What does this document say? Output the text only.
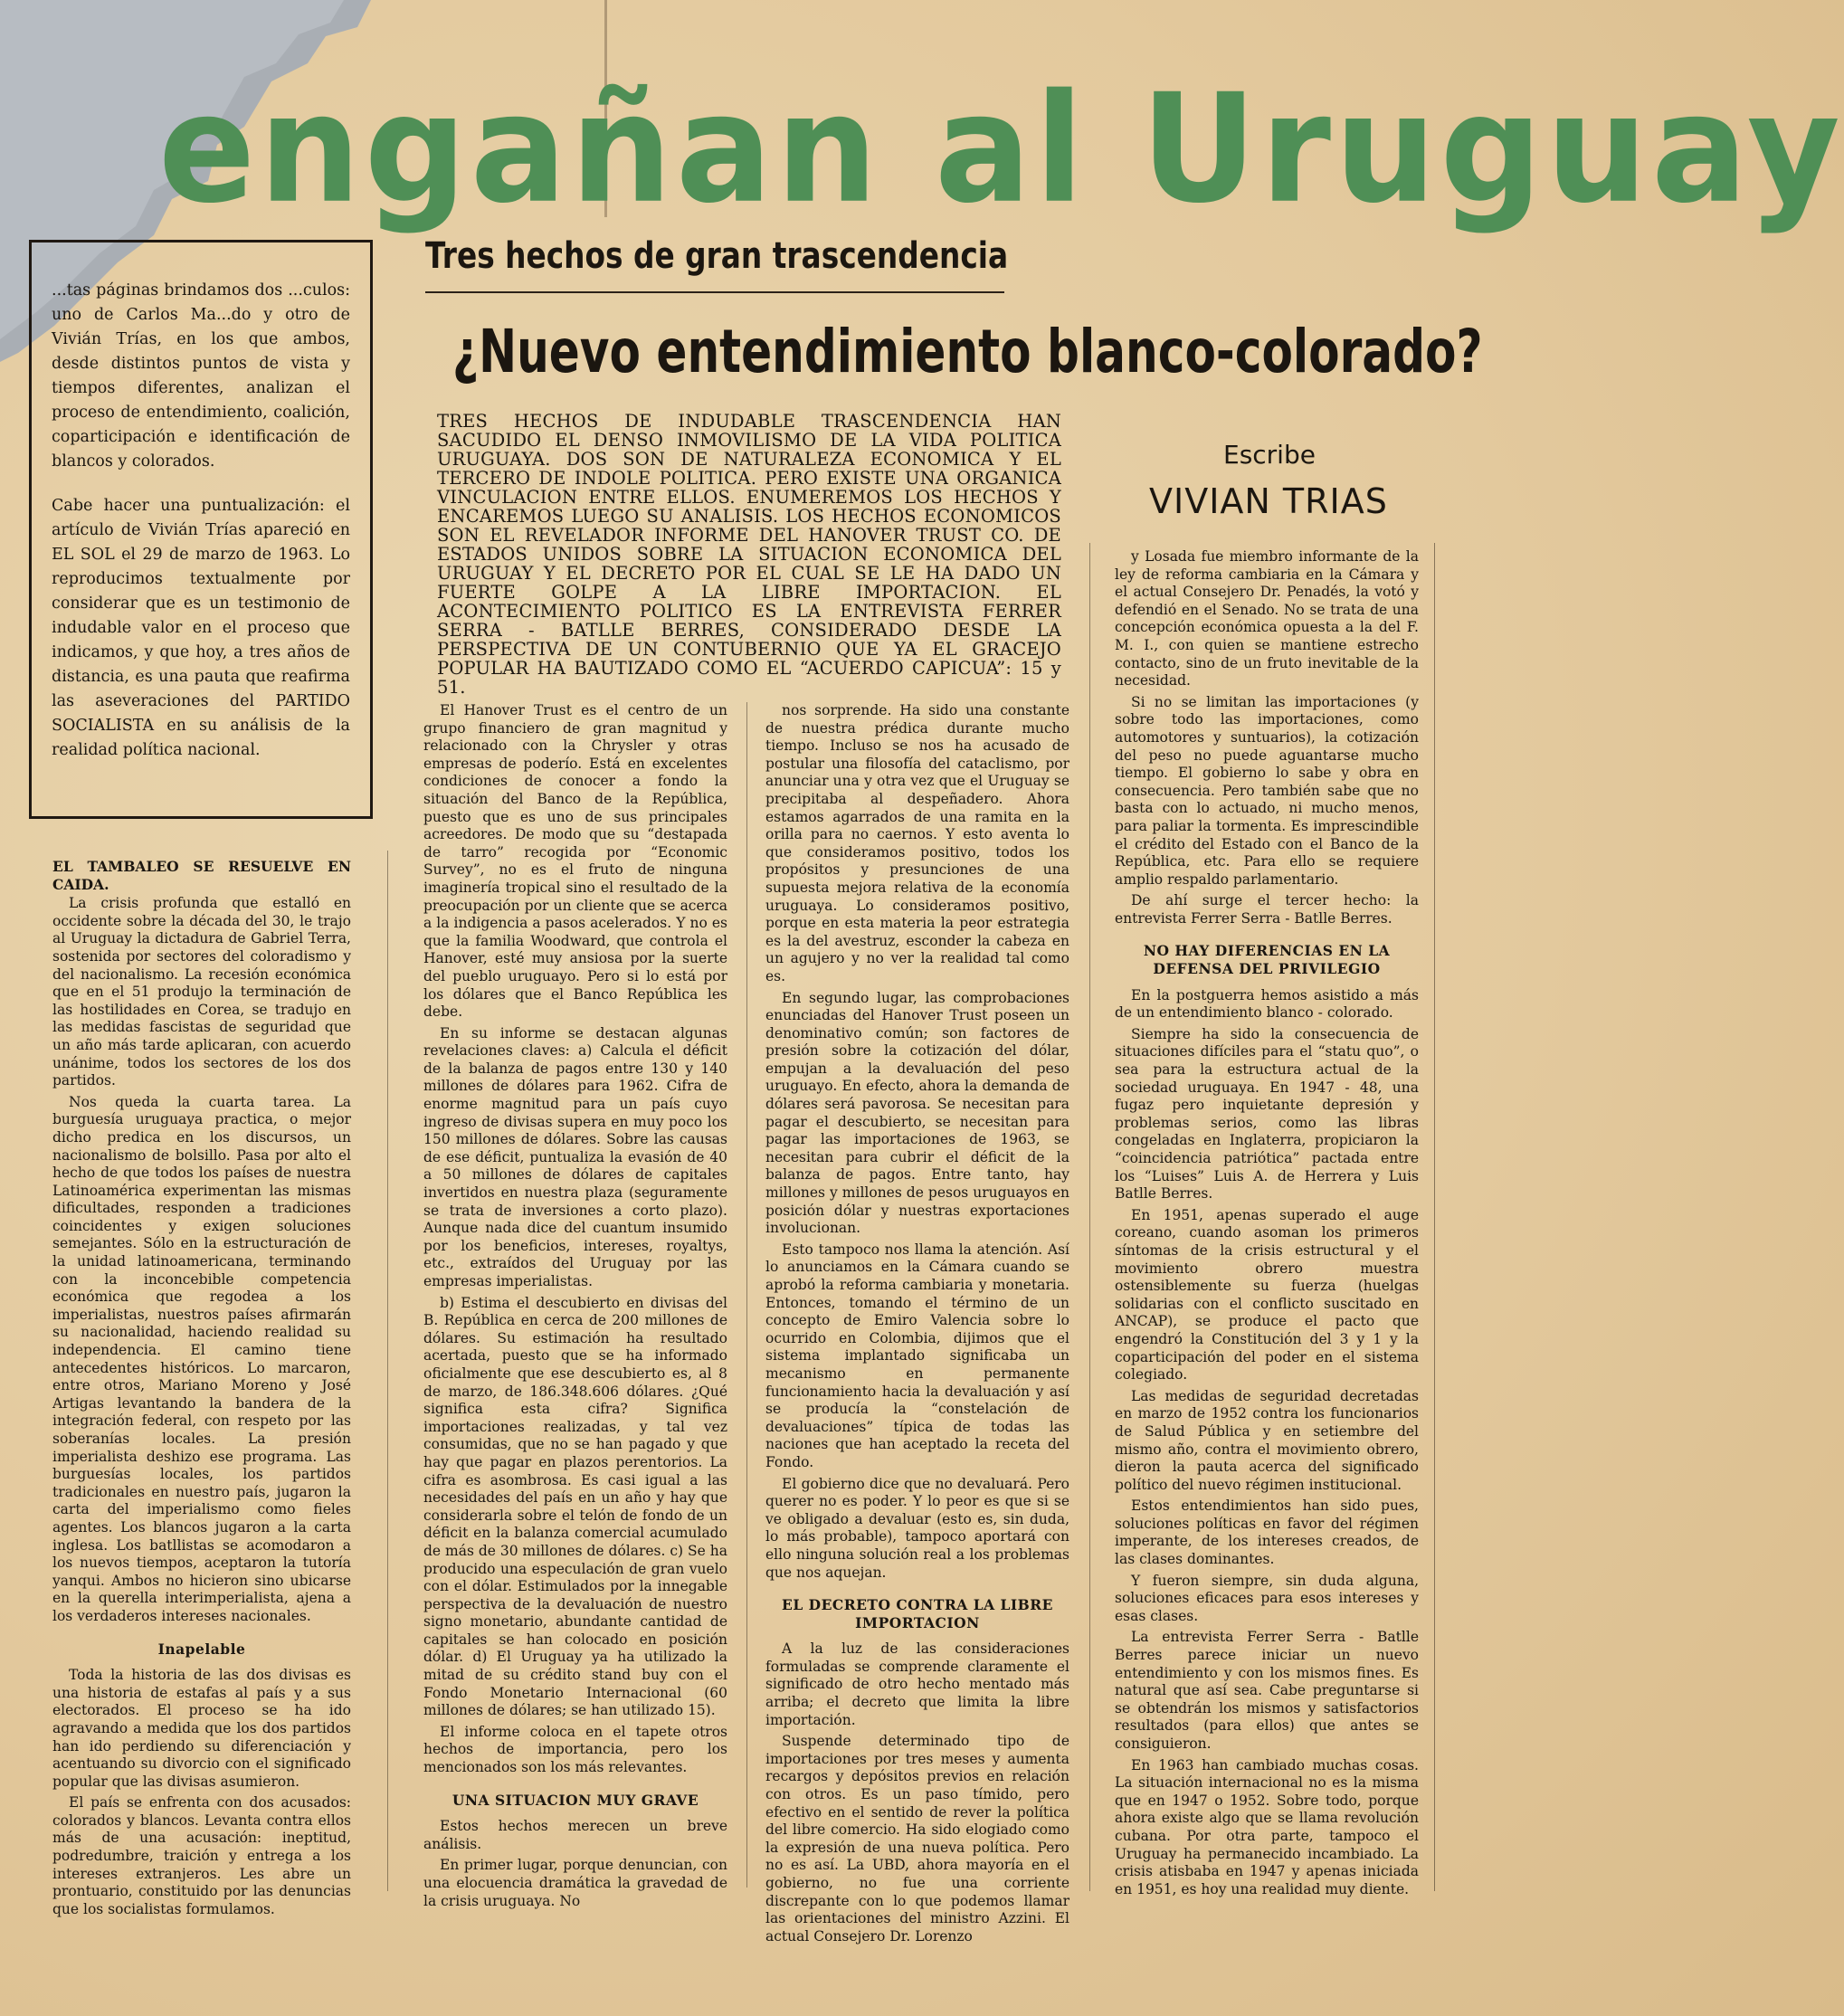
engañan al Uruguay
Tres hechos de gran trascendencia
¿Nuevo entendimiento blanco-colorado?

...tas páginas brindamos dos ...culos: uno de Carlos Ma...do y otro de Vivián Trías, en los que ambos, desde distintos puntos de vista y tiempos diferentes, analizan el proceso de entendimiento, coalición, coparticipación e identificación de blancos y colorados.

Cabe hacer una puntualización: el artículo de Vivián Trías apareció en EL SOL el 29 de marzo de 1963. Lo reproducimos textualmente por considerar que es un testimonio de indudable valor en el proceso que indicamos, y que hoy, a tres años de distancia, es una pauta que reafirma las aseveraciones del PARTIDO SOCIALISTA en su análisis de la realidad política nacional.

TRES HECHOS DE INDUDABLE TRASCENDENCIA HAN SACUDIDO EL DENSO INMOVILISMO DE LA VIDA POLITICA URUGUAYA. DOS SON DE NATURALEZA ECONOMICA Y EL TERCERO DE INDOLE POLITICA. PERO EXISTE UNA ORGANICA VINCULACION ENTRE ELLOS. ENUMEREMOS LOS HECHOS Y ENCAREMOS LUEGO SU ANALISIS. LOS HECHOS ECONOMICOS SON EL REVELADOR INFORME DEL HANOVER TRUST CO. DE ESTADOS UNIDOS SOBRE LA SITUACION ECONOMICA DEL URUGUAY Y EL DECRETO POR EL CUAL SE LE HA DADO UN FUERTE GOLPE A LA LIBRE IMPORTACION. EL ACONTECIMIENTO POLITICO ES LA ENTREVISTA FERRER SERRA - BATLLE BERRES, CONSIDERADO DESDE LA PERSPECTIVA DE UN CONTUBERNIO QUE YA EL GRACEJO POPULAR HA BAUTIZADO COMO EL “ACUERDO CAPICUA”: 15 y 51.
Escribe
VIVIAN TRIAS

EL TAMBALEO SE RESUELVE EN CAIDA.

La crisis profunda que estalló en occidente sobre la década del 30, le trajo al Uruguay la dictadura de Gabriel Terra, sostenida por sectores del coloradismo y del nacionalismo. La recesión económica que en el 51 produjo la terminación de las hostilidades en Corea, se tradujo en las medidas fascistas de seguridad que un año más tarde aplicaran, con acuerdo unánime, todos los sectores de los dos partidos.

Nos queda la cuarta tarea. La burguesía uruguaya practica, o mejor dicho predica en los discursos, un nacionalismo de bolsillo. Pasa por alto el hecho de que todos los países de nuestra Latinoamérica experimentan las mismas dificultades, responden a tradiciones coincidentes y exigen soluciones semejantes. Sólo en la estructuración de la unidad latinoamericana, terminando con la inconcebible competencia económica que regodea a los imperialistas, nuestros países afirmarán su nacionalidad, haciendo realidad su independencia. El camino tiene antecedentes históricos. Lo marcaron, entre otros, Mariano Moreno y José Artigas levantando la bandera de la integración federal, con respeto por las soberanías locales. La presión imperialista deshizo ese programa. Las burguesías locales, los partidos tradicionales en nuestro país, jugaron la carta del imperialismo como fieles agentes. Los blancos jugaron a la carta inglesa. Los batllistas se acomodaron a los nuevos tiempos, aceptaron la tutoría yanqui. Ambos no hicieron sino ubicarse en la querella interimperialista, ajena a los verdaderos intereses nacionales.

Inapelable

Toda la historia de las dos divisas es una historia de estafas al país y a sus electorados. El proceso se ha ido agravando a medida que los dos partidos han ido perdiendo su diferenciación y acentuando su divorcio con el significado popular que las divisas asumieron.

El país se enfrenta con dos acusados: colorados y blancos. Levanta contra ellos más de una acusación: ineptitud, podredumbre, traición y entrega a los intereses extranjeros. Les abre un prontuario, constituido por las denuncias que los socialistas formulamos.

El Hanover Trust es el centro de un grupo financiero de gran magnitud y relacionado con la Chrysler y otras empresas de poderío. Está en excelentes condiciones de conocer a fondo la situación del Banco de la República, puesto que es uno de sus principales acreedores. De modo que su “destapada de tarro” recogida por “Economic Survey”, no es el fruto de ninguna imaginería tropical sino el resultado de la preocupación por un cliente que se acerca a la indigencia a pasos acelerados. Y no es que la familia Woodward, que controla el Hanover, esté muy ansiosa por la suerte del pueblo uruguayo. Pero si lo está por los dólares que el Banco República les debe.

En su informe se destacan algunas revelaciones claves: a) Calcula el déficit de la balanza de pagos entre 130 y 140 millones de dólares para 1962. Cifra de enorme magnitud para un país cuyo ingreso de divisas supera en muy poco los 150 millones de dólares. Sobre las causas de ese déficit, puntualiza la evasión de 40 a 50 millones de dólares de capitales invertidos en nuestra plaza (seguramente se trata de inversiones a corto plazo). Aunque nada dice del cuantum insumido por los beneficios, intereses, royaltys, etc., extraídos del Uruguay por las empresas imperialistas.

b) Estima el descubierto en divisas del B. República en cerca de 200 millones de dólares. Su estimación ha resultado acertada, puesto que se ha informado oficialmente que ese descubierto es, al 8 de marzo, de 186.348.606 dólares. ¿Qué significa esta cifra? Significa importaciones realizadas, y tal vez consumidas, que no se han pagado y que hay que pagar en plazos perentorios. La cifra es asombrosa. Es casi igual a las necesidades del país en un año y hay que considerarla sobre el telón de fondo de un déficit en la balanza comercial acumulado de más de 30 millones de dólares. c) Se ha producido una especulación de gran vuelo con el dólar. Estimulados por la innegable perspectiva de la devaluación de nuestro signo monetario, abundante cantidad de capitales se han colocado en posición dólar. d) El Uruguay ya ha utilizado la mitad de su crédito stand buy con el Fondo Monetario Internacional (60 millones de dólares; se han utilizado 15).

El informe coloca en el tapete otros hechos de importancia, pero los mencionados son los más relevantes.

UNA SITUACION MUY GRAVE

Estos hechos merecen un breve análisis.

En primer lugar, porque denuncian, con una elocuencia dramática la gravedad de la crisis uruguaya. No

nos sorprende. Ha sido una constante de nuestra prédica durante mucho tiempo. Incluso se nos ha acusado de postular una filosofía del cataclismo, por anunciar una y otra vez que el Uruguay se precipitaba al despeñadero. Ahora estamos agarrados de una ramita en la orilla para no caernos. Y esto aventa lo que consideramos positivo, todos los propósitos y presunciones de una supuesta mejora relativa de la economía uruguaya. Lo consideramos positivo, porque en esta materia la peor estrategia es la del avestruz, esconder la cabeza en un agujero y no ver la realidad tal como es.

En segundo lugar, las comprobaciones enunciadas del Hanover Trust poseen un denominativo común; son factores de presión sobre la cotización del dólar, empujan a la devaluación del peso uruguayo. En efecto, ahora la demanda de dólares será pavorosa. Se necesitan para pagar el descubierto, se necesitan para pagar las importaciones de 1963, se necesitan para cubrir el déficit de la balanza de pagos. Entre tanto, hay millones y millones de pesos uruguayos en posición dólar y nuestras exportaciones involucionan.

Esto tampoco nos llama la atención. Así lo anunciamos en la Cámara cuando se aprobó la reforma cambiaria y monetaria. Entonces, tomando el término de un concepto de Emiro Valencia sobre lo ocurrido en Colombia, dijimos que el sistema implantado significaba un mecanismo en permanente funcionamiento hacia la devaluación y así se producía la “constelación de devaluaciones” típica de todas las naciones que han aceptado la receta del Fondo.

El gobierno dice que no devaluará. Pero querer no es poder. Y lo peor es que si se ve obligado a devaluar (esto es, sin duda, lo más probable), tampoco aportará con ello ninguna solución real a los problemas que nos aquejan.

EL DECRETO CONTRA LA LIBRE IMPORTACION

A la luz de las consideraciones formuladas se comprende claramente el significado de otro hecho mentado más arriba; el decreto que limita la libre importación.

Suspende determinado tipo de importaciones por tres meses y aumenta recargos y depósitos previos en relación con otros. Es un paso tímido, pero efectivo en el sentido de rever la política del libre comercio. Ha sido elogiado como la expresión de una nueva política. Pero no es así. La UBD, ahora mayoría en el gobierno, no fue una corriente discrepante con lo que podemos llamar las orientaciones del ministro Azzini. El actual Consejero Dr. Lorenzo

y Losada fue miembro informante de la ley de reforma cambiaria en la Cámara y el actual Consejero Dr. Penadés, la votó y defendió en el Senado. No se trata de una concepción económica opuesta a la del F. M. I., con quien se mantiene estrecho contacto, sino de un fruto inevitable de la necesidad.

Si no se limitan las importaciones (y sobre todo las importaciones, como automotores y suntuarios), la cotización del peso no puede aguantarse mucho tiempo. El gobierno lo sabe y obra en consecuencia. Pero también sabe que no basta con lo actuado, ni mucho menos, para paliar la tormenta. Es imprescindible el crédito del Estado con el Banco de la República, etc. Para ello se requiere amplio respaldo parlamentario.

De ahí surge el tercer hecho: la entrevista Ferrer Serra - Batlle Berres.

NO HAY DIFERENCIAS EN LA DEFENSA DEL PRIVILEGIO

En la postguerra hemos asistido a más de un entendimiento blanco - colorado.

Siempre ha sido la consecuencia de situaciones difíciles para el “statu quo”, o sea para la estructura actual de la sociedad uruguaya. En 1947 - 48, una fugaz pero inquietante depresión y problemas serios, como las libras congeladas en Inglaterra, propiciaron la “coincidencia patriótica” pactada entre los “Luises” Luis A. de Herrera y Luis Batlle Berres.

En 1951, apenas superado el auge coreano, cuando asoman los primeros síntomas de la crisis estructural y el movimiento obrero muestra ostensiblemente su fuerza (huelgas solidarias con el conflicto suscitado en ANCAP), se produce el pacto que engendró la Constitución del 3 y 1 y la coparticipación del poder en el sistema colegiado.

Las medidas de seguridad decretadas en marzo de 1952 contra los funcionarios de Salud Pública y en setiembre del mismo año, contra el movimiento obrero, dieron la pauta acerca del significado político del nuevo régimen institucional.

Estos entendimientos han sido pues, soluciones políticas en favor del régimen imperante, de los intereses creados, de las clases dominantes.

Y fueron siempre, sin duda alguna, soluciones eficaces para esos intereses y esas clases.

La entrevista Ferrer Serra - Batlle Berres parece iniciar un nuevo entendimiento y con los mismos fines. Es natural que así sea. Cabe preguntarse si se obtendrán los mismos y satisfactorios resultados (para ellos) que antes se consiguieron.

En 1963 han cambiado muchas cosas. La situación internacional no es la misma que en 1947 o 1952. Sobre todo, porque ahora existe algo que se llama revolución cubana. Por otra parte, tampoco el Uruguay ha permanecido incambiado. La crisis atisbaba en 1947 y apenas iniciada en 1951, es hoy una realidad muy diente.
